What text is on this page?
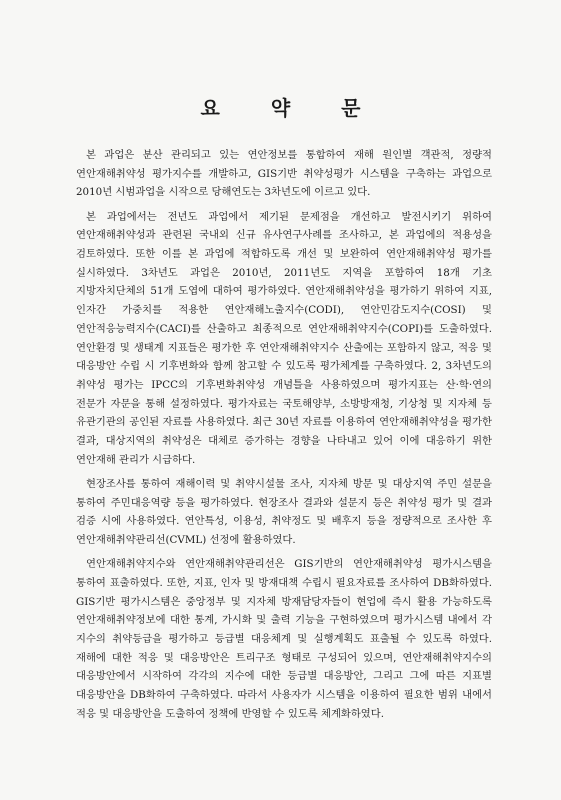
요 약 문

본 과업은 분산 관리되고 있는 연안정보를 통합하여 재해 원인별 객관적, 정량적 연안재해취약성 평가지수를 개발하고, GIS기반 취약성평가 시스템을 구축하는 과업으로 2010년 시범과업을 시작으로 당해연도는 3차년도에 이르고 있다.

본 과업에서는 전년도 과업에서 제기된 문제점을 개선하고 발전시키기 위하여 연안재해취약성과 관련된 국내외 신규 유사연구사례를 조사하고, 본 과업에의 적용성을 검토하였다. 또한 이를 본 과업에 적합하도록 개선 및 보완하여 연안재해취약성 평가를 실시하였다. 3차년도 과업은 2010년, 2011년도 지역을 포함하여 18개 기초 지방자치단체의 51개 도엽에 대하여 평가하였다. 연안재해취약성을 평가하기 위하여 지표, 인자간 가중치를 적용한 연안재해노출지수(CODI), 연안민감도지수(COSI) 및 연안적응능력지수(CACI)를 산출하고 최종적으로 연안재해취약지수(COPI)를 도출하였다. 연안환경 및 생태계 지표들은 평가한 후 연안재해취약지수 산출에는 포함하지 않고, 적응 및 대응방안 수립 시 기후변화와 함께 참고할 수 있도록 평가체계를 구축하였다. 2, 3차년도의 취약성 평가는 IPCC의 기후변화취약성 개념틀을 사용하였으며 평가지표는 산·학·연의 전문가 자문을 통해 설정하였다. 평가자료는 국토해양부, 소방방재청, 기상청 및 지자체 등 유관기관의 공인된 자료를 사용하였다. 최근 30년 자료를 이용하여 연안재해취약성을 평가한 결과, 대상지역의 취약성은 대체로 증가하는 경향을 나타내고 있어 이에 대응하기 위한 연안재해 관리가 시급하다.

현장조사를 통하여 재해이력 및 취약시설물 조사, 지자체 방문 및 대상지역 주민 설문을 통하여 주민대응역량 등을 평가하였다. 현장조사 결과와 설문지 등은 취약성 평가 및 결과 검증 시에 사용하였다. 연안특성, 이용성, 취약정도 및 배후지 등을 정량적으로 조사한 후 연안재해취약관리선(CVML) 선정에 활용하였다.

연안재해취약지수와 연안재해취약관리선은 GIS기반의 연안재해취약성 평가시스템을 통하여 표출하였다. 또한, 지표, 인자 및 방재대책 수립시 필요자료를 조사하여 DB화하였다. GIS기반 평가시스템은 중앙정부 및 지자체 방재담당자들이 현업에 즉시 활용 가능하도록 연안재해취약정보에 대한 통계, 가시화 및 출력 기능을 구현하였으며 평가시스템 내에서 각 지수의 취약등급을 평가하고 등급별 대응체계 및 실행계획도 표출될 수 있도록 하였다. 재해에 대한 적응 및 대응방안은 트리구조 형태로 구성되어 있으며, 연안재해취약지수의 대응방안에서 시작하여 각각의 지수에 대한 등급별 대응방안, 그리고 그에 따른 지표별 대응방안을 DB화하여 구축하였다. 따라서 사용자가 시스템을 이용하여 필요한 범위 내에서 적응 및 대응방안을 도출하여 정책에 반영할 수 있도록 체계화하였다.
